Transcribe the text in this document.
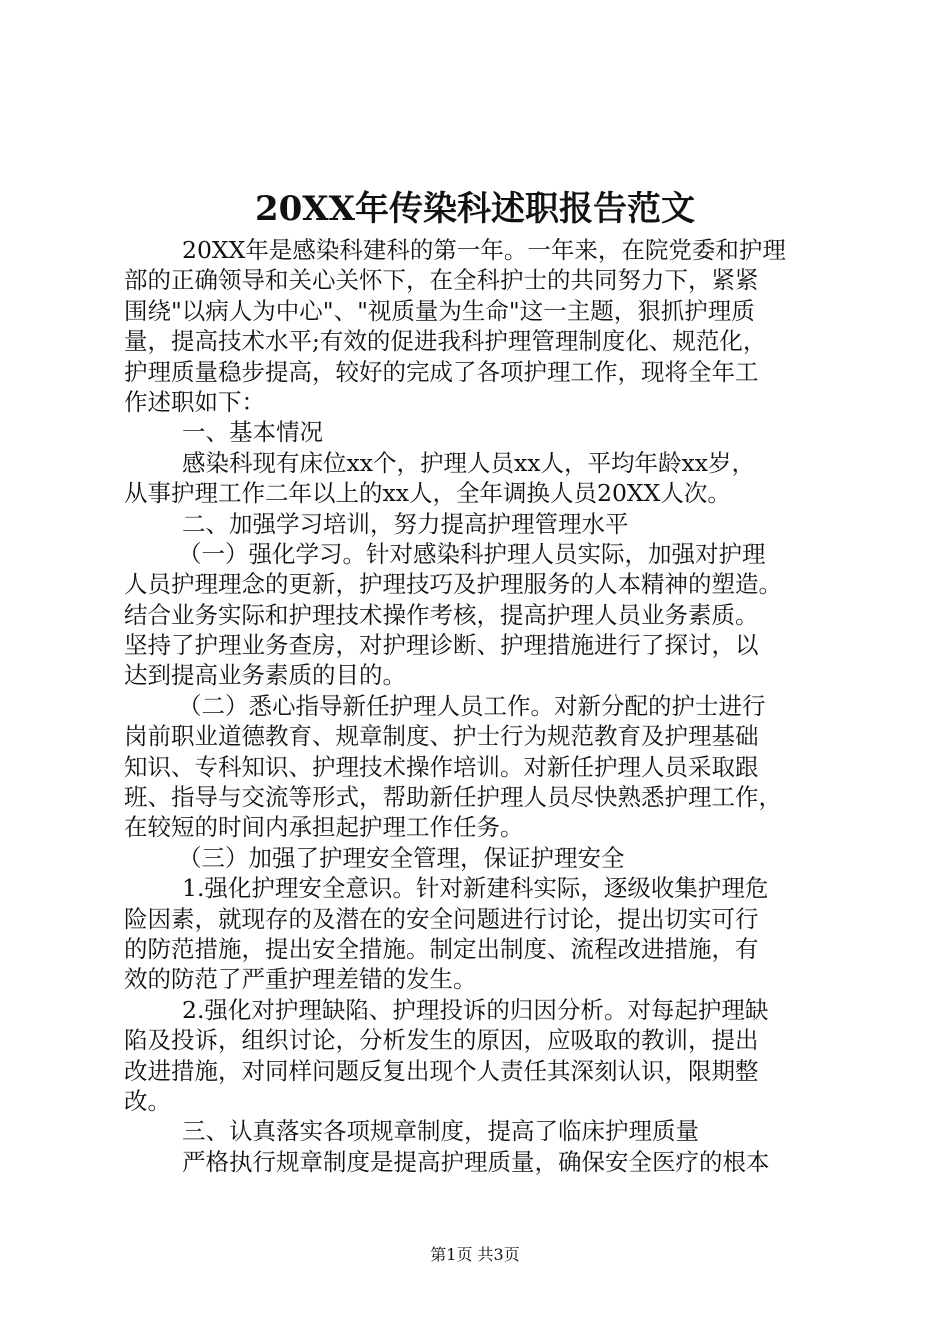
20XX年传染科述职报告范文
20XX年是感染科建科的第一年。一年来，在院党委和护理
部的正确领导和关心关怀下，在全科护士的共同努力下，紧紧
围绕"以病人为中心"、"视质量为生命"这一主题，狠抓护理质
量，提高技术水平;有效的促进我科护理管理制度化、规范化，
护理质量稳步提高，较好的完成了各项护理工作，现将全年工
作述职如下：
一、基本情况
感染科现有床位xx个，护理人员xx人，平均年龄xx岁，
从事护理工作二年以上的xx人，全年调换人员20XX人次。
二、加强学习培训，努力提高护理管理水平
（一）强化学习。针对感染科护理人员实际，加强对护理
人员护理理念的更新，护理技巧及护理服务的人本精神的塑造。
结合业务实际和护理技术操作考核，提高护理人员业务素质。
坚持了护理业务查房，对护理诊断、护理措施进行了探讨，以
达到提高业务素质的目的。
（二）悉心指导新任护理人员工作。对新分配的护士进行
岗前职业道德教育、规章制度、护士行为规范教育及护理基础
知识、专科知识、护理技术操作培训。对新任护理人员采取跟
班、指导与交流等形式，帮助新任护理人员尽快熟悉护理工作，
在较短的时间内承担起护理工作任务。
（三）加强了护理安全管理，保证护理安全
1.强化护理安全意识。针对新建科实际，逐级收集护理危
险因素，就现存的及潜在的安全问题进行讨论，提出切实可行
的防范措施，提出安全措施。制定出制度、流程改进措施，有
效的防范了严重护理差错的发生。
2.强化对护理缺陷、护理投诉的归因分析。对每起护理缺
陷及投诉，组织讨论，分析发生的原因，应吸取的教训，提出
改进措施，对同样问题反复出现个人责任其深刻认识，限期整
改。
三、认真落实各项规章制度，提高了临床护理质量
严格执行规章制度是提高护理质量，确保安全医疗的根本
第1页 共3页
